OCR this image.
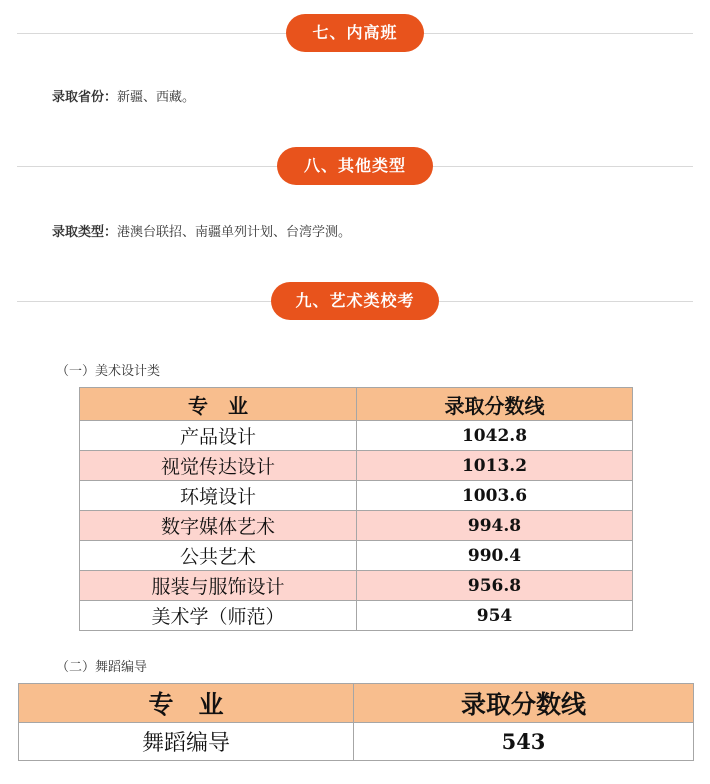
七、内高班
录取省份：新疆、西藏。
八、其他类型
录取类型：港澳台联招、南疆单列计划、台湾学测。
九、艺术类校考
（一）美术设计类
专　业	录取分数线
产品设计	1042.8
视觉传达设计	1013.2
环境设计	1003.6
数字媒体艺术	994.8
公共艺术	990.4
服装与服饰设计	956.8
美术学（师范）	954
（二）舞蹈编导
专　业	录取分数线
舞蹈编导	543
